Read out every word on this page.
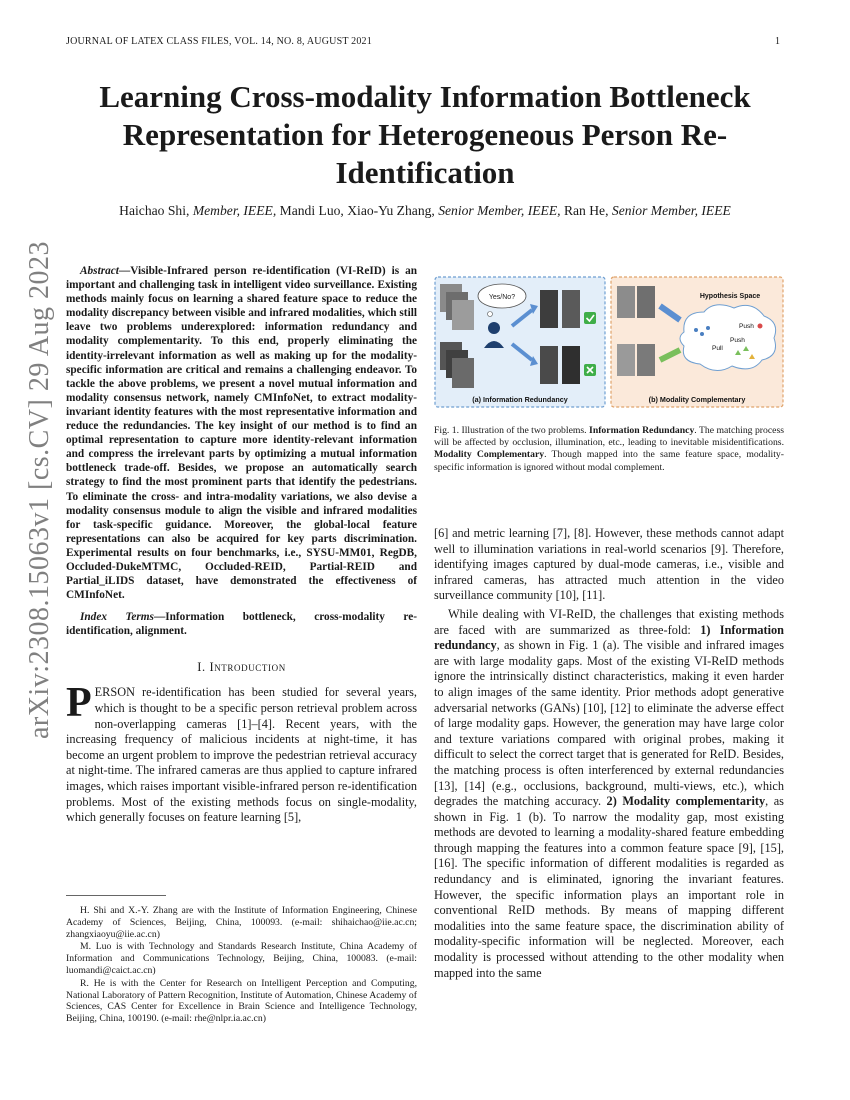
JOURNAL OF LATEX CLASS FILES, VOL. 14, NO. 8, AUGUST 2021	1
arXiv:2308.15063v1 [cs.CV] 29 Aug 2023
Learning Cross-modality Information Bottleneck Representation for Heterogeneous Person Re-Identification
Haichao Shi, Member, IEEE, Mandi Luo, Xiao-Yu Zhang, Senior Member, IEEE, Ran He, Senior Member, IEEE

Abstract—Visible-Infrared person re-identification (VI-ReID) is an important and challenging task in intelligent video surveillance. Existing methods mainly focus on learning a shared feature space to reduce the modality discrepancy between visible and infrared modalities, which still leave two problems underexplored: information redundancy and modality complementarity. To this end, properly eliminating the identity-irrelevant information as well as making up for the modality-specific information are critical and remains a challenging endeavor. To tackle the above problems, we present a novel mutual information and modality consensus network, namely CMInfoNet, to extract modality-invariant identity features with the most representative information and reduce the redundancies. The key insight of our method is to find an optimal representation to capture more identity-relevant information and compress the irrelevant parts by optimizing a mutual information bottleneck trade-off. Besides, we propose an automatically search strategy to find the most prominent parts that identify the pedestrians. To eliminate the cross- and intra-modality variations, we also devise a modality consensus module to align the visible and infrared modalities for task-specific guidance. Moreover, the global-local feature representations can also be acquired for key parts discrimination. Experimental results on four benchmarks, i.e., SYSU-MM01, RegDB, Occluded-DukeMTMC, Occluded-REID, Partial-REID and Partial_iLIDS dataset, have demonstrated the effectiveness of CMInfoNet.

Index Terms—Information bottleneck, cross-modality re-identification, alignment.

I. Introduction

PERSON re-identification has been studied for several years, which is thought to be a specific person retrieval problem across non-overlapping cameras [1]–[4]. Recent years, with the increasing frequency of malicious incidents at night-time, it has become an urgent problem to improve the pedestrian retrieval accuracy at night-time. The infrared cameras are thus applied to capture infrared images, which raises important visible-infrared person re-identification problems. Most of the existing methods focus on single-modality, which generally focuses on feature learning [5],

H. Shi and X.-Y. Zhang are with the Institute of Information Engineering, Chinese Academy of Sciences, Beijing, China, 100093. (e-mail: shihaichao@iie.ac.cn; zhangxiaoyu@iie.ac.cn)

M. Luo is with Technology and Standards Research Institute, China Academy of Information and Communications Technology, Beijing, China, 100083. (e-mail: luomandi@caict.ac.cn)

R. He is with the Center for Research on Intelligent Perception and Computing, National Laboratory of Pattern Recognition, Institute of Automation, Chinese Academy of Sciences, CAS Center for Excellence in Brain Science and Intelligence Technology, Beijing, China, 100190. (e-mail: rhe@nlpr.ia.ac.cn)

Yes/No?
(a) Information Redundancy
Hypothesis Space
Push
Pull
Push
(b) Modality Complementary

Fig. 1. Illustration of the two problems. Information Redundancy. The matching process will be affected by occlusion, illumination, etc., leading to inevitable misidentifications. Modality Complementary. Though mapped into the same feature space, modality-specific information is ignored without modal complement.

[6] and metric learning [7], [8]. However, these methods cannot adapt well to illumination variations in real-world scenarios [9]. Therefore, identifying images captured by dual-mode cameras, i.e., visible and infrared cameras, has attracted much attention in the video surveillance community [10], [11].

While dealing with VI-ReID, the challenges that existing methods are faced with are summarized as three-fold: 1) Information redundancy, as shown in Fig. 1 (a). The visible and infrared images are with large modality gaps. Most of the existing VI-ReID methods ignore the intrinsically distinct characteristics, making it even harder to align images of the same identity. Prior methods adopt generative adversarial networks (GANs) [10], [12] to eliminate the adverse effect of large modality gaps. However, the generation may have large color and texture variations compared with original probes, making it difficult to select the correct target that is generated for ReID. Besides, the matching process is often interferenced by external redundancies [13], [14] (e.g., occlusions, background, multi-views, etc.), which degrades the matching accuracy. 2) Modality complementarity, as shown in Fig. 1 (b). To narrow the modality gap, most existing methods are devoted to learning a modality-shared feature embedding through mapping the features into a common feature space [9], [15], [16]. The specific information of different modalities is regarded as redundancy and is eliminated, ignoring the invariant features. However, the specific information plays an important role in conventional ReID methods. By means of mapping different modalities into the same feature space, the discrimination ability of modality-specific information will be neglected. Moreover, each modality is processed without attending to the other modality when mapped into the same
